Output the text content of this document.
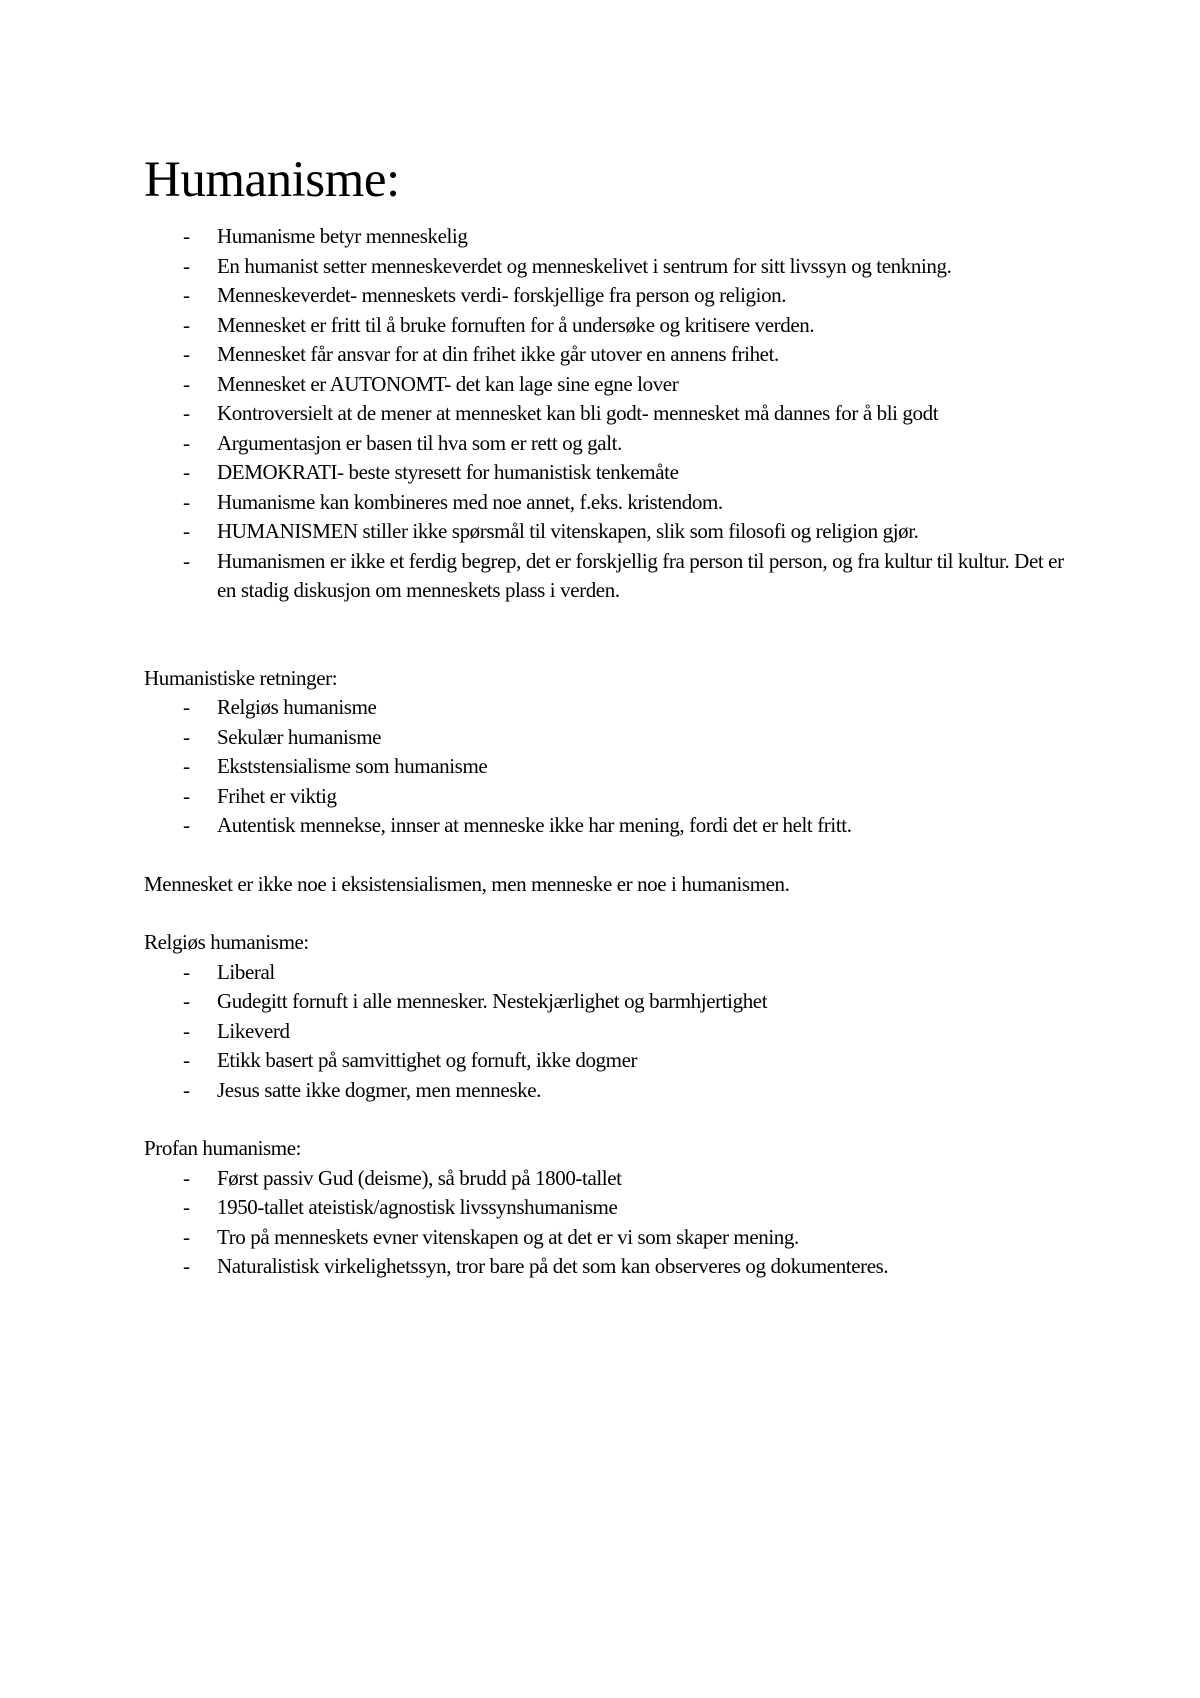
Humanisme:
- Humanisme betyr menneskelig
- En humanist setter menneskeverdet og menneskelivet i sentrum for sitt livssyn og tenkning.
- Menneskeverdet- menneskets verdi- forskjellige fra person og religion.
- Mennesket er fritt til å bruke fornuften for å undersøke og kritisere verden.
- Mennesket får ansvar for at din frihet ikke går utover en annens frihet.
- Mennesket er AUTONOMT- det kan lage sine egne lover
- Kontroversielt at de mener at mennesket kan bli godt- mennesket må dannes for å bli godt
- Argumentasjon er basen til hva som er rett og galt.
- DEMOKRATI- beste styresett for humanistisk tenkemåte
- Humanisme kan kombineres med noe annet, f.eks. kristendom.
- HUMANISMEN stiller ikke spørsmål til vitenskapen, slik som filosofi og religion gjør.
- Humanismen er ikke et ferdig begrep, det er forskjellig fra person til person, og fra kultur til kultur. Det er en stadig diskusjon om menneskets plass i verden.

Humanistiske retninger:

- Relgiøs humanisme
- Sekulær humanisme
- Ekststensialisme som humanisme
- Frihet er viktig
- Autentisk mennekse, innser at menneske ikke har mening, fordi det er helt fritt.

Mennesket er ikke noe i eksistensialismen, men menneske er noe i humanismen.

Relgiøs humanisme:

- Liberal
- Gudegitt fornuft i alle mennesker. Nestekjærlighet og barmhjertighet
- Likeverd
- Etikk basert på samvittighet og fornuft, ikke dogmer
- Jesus satte ikke dogmer, men menneske.

Profan humanisme:

- Først passiv Gud (deisme), så brudd på 1800-tallet
- 1950-tallet ateistisk/agnostisk livssynshumanisme
- Tro på menneskets evner vitenskapen og at det er vi som skaper mening.
- Naturalistisk virkelighetssyn, tror bare på det som kan observeres og dokumenteres.
